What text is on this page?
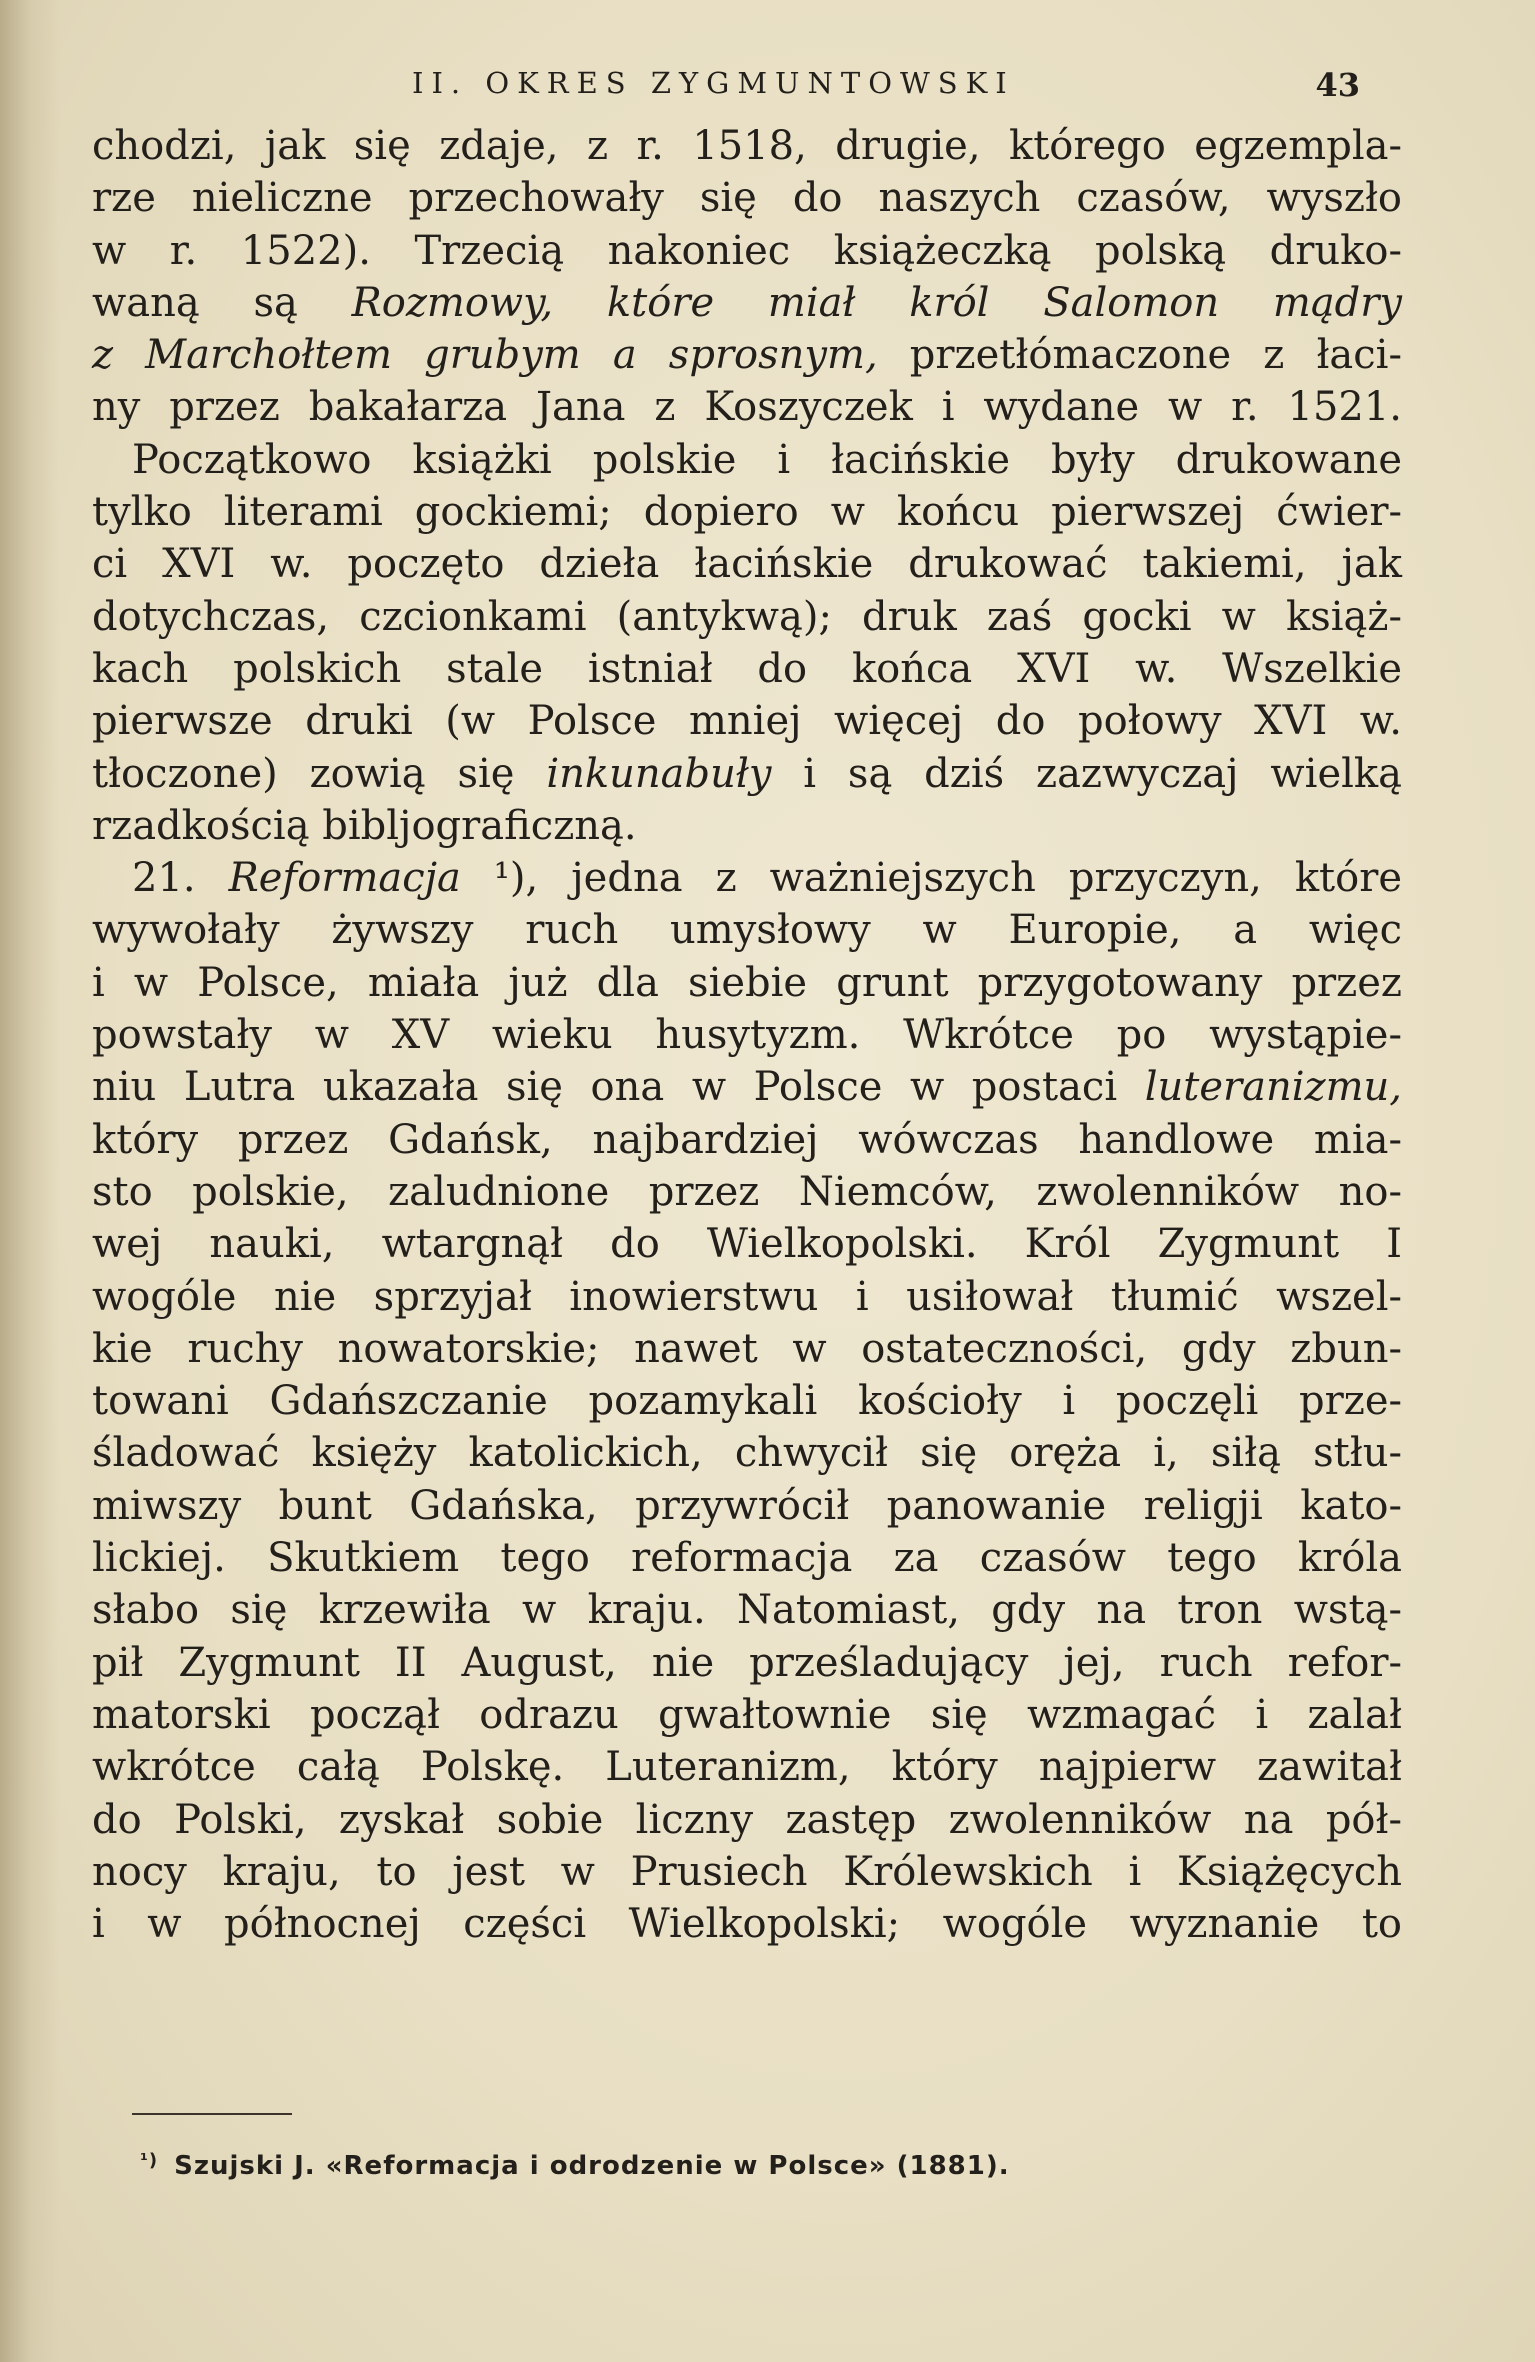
II. OKRES ZYGMUNTOWSKI	43
chodzi, jak się zdaje, z r. 1518, drugie, którego egzempla-
rze nieliczne przechowały się do naszych czasów, wyszło
w r. 1522). Trzecią nakoniec książeczką polską druko-
waną są Rozmowy, które miał król Salomon mądry
z Marchołtem grubym a sprosnym, przetłómaczone z łaci-
ny przez bakałarza Jana z Koszyczek i wydane w r. 1521.
Początkowo książki polskie i łacińskie były drukowane
tylko literami gockiemi; dopiero w końcu pierwszej ćwier-
ci XVI w. poczęto dzieła łacińskie drukować takiemi, jak
dotychczas, czcionkami (antykwą); druk zaś gocki w książ-
kach polskich stale istniał do końca XVI w. Wszelkie
pierwsze druki (w Polsce mniej więcej do połowy XVI w.
tłoczone) zowią się inkunabuły i są dziś zazwyczaj wielką
rzadkością bibljograficzną.
21. Reformacja ¹), jedna z ważniejszych przyczyn, które
wywołały żywszy ruch umysłowy w Europie, a więc
i w Polsce, miała już dla siebie grunt przygotowany przez
powstały w XV wieku husytyzm. Wkrótce po wystąpie-
niu Lutra ukazała się ona w Polsce w postaci luteranizmu,
który przez Gdańsk, najbardziej wówczas handlowe mia-
sto polskie, zaludnione przez Niemców, zwolenników no-
wej nauki, wtargnął do Wielkopolski. Król Zygmunt I
wogóle nie sprzyjał inowierstwu i usiłował tłumić wszel-
kie ruchy nowatorskie; nawet w ostateczności, gdy zbun-
towani Gdańszczanie pozamykali kościoły i poczęli prze-
śladować księży katolickich, chwycił się oręża i, siłą stłu-
miwszy bunt Gdańska, przywrócił panowanie religji kato-
lickiej. Skutkiem tego reformacja za czasów tego króla
słabo się krzewiła w kraju. Natomiast, gdy na tron wstą-
pił Zygmunt II August, nie prześladujący jej, ruch refor-
matorski począł odrazu gwałtownie się wzmagać i zalał
wkrótce całą Polskę. Luteranizm, który najpierw zawitał
do Polski, zyskał sobie liczny zastęp zwolenników na pół-
nocy kraju, to jest w Prusiech Królewskich i Książęcych
i w północnej części Wielkopolski; wogóle wyznanie to
$^{^1)}$ Szujski J. «Reformacja i odrodzenie w Polsce» (1881).
